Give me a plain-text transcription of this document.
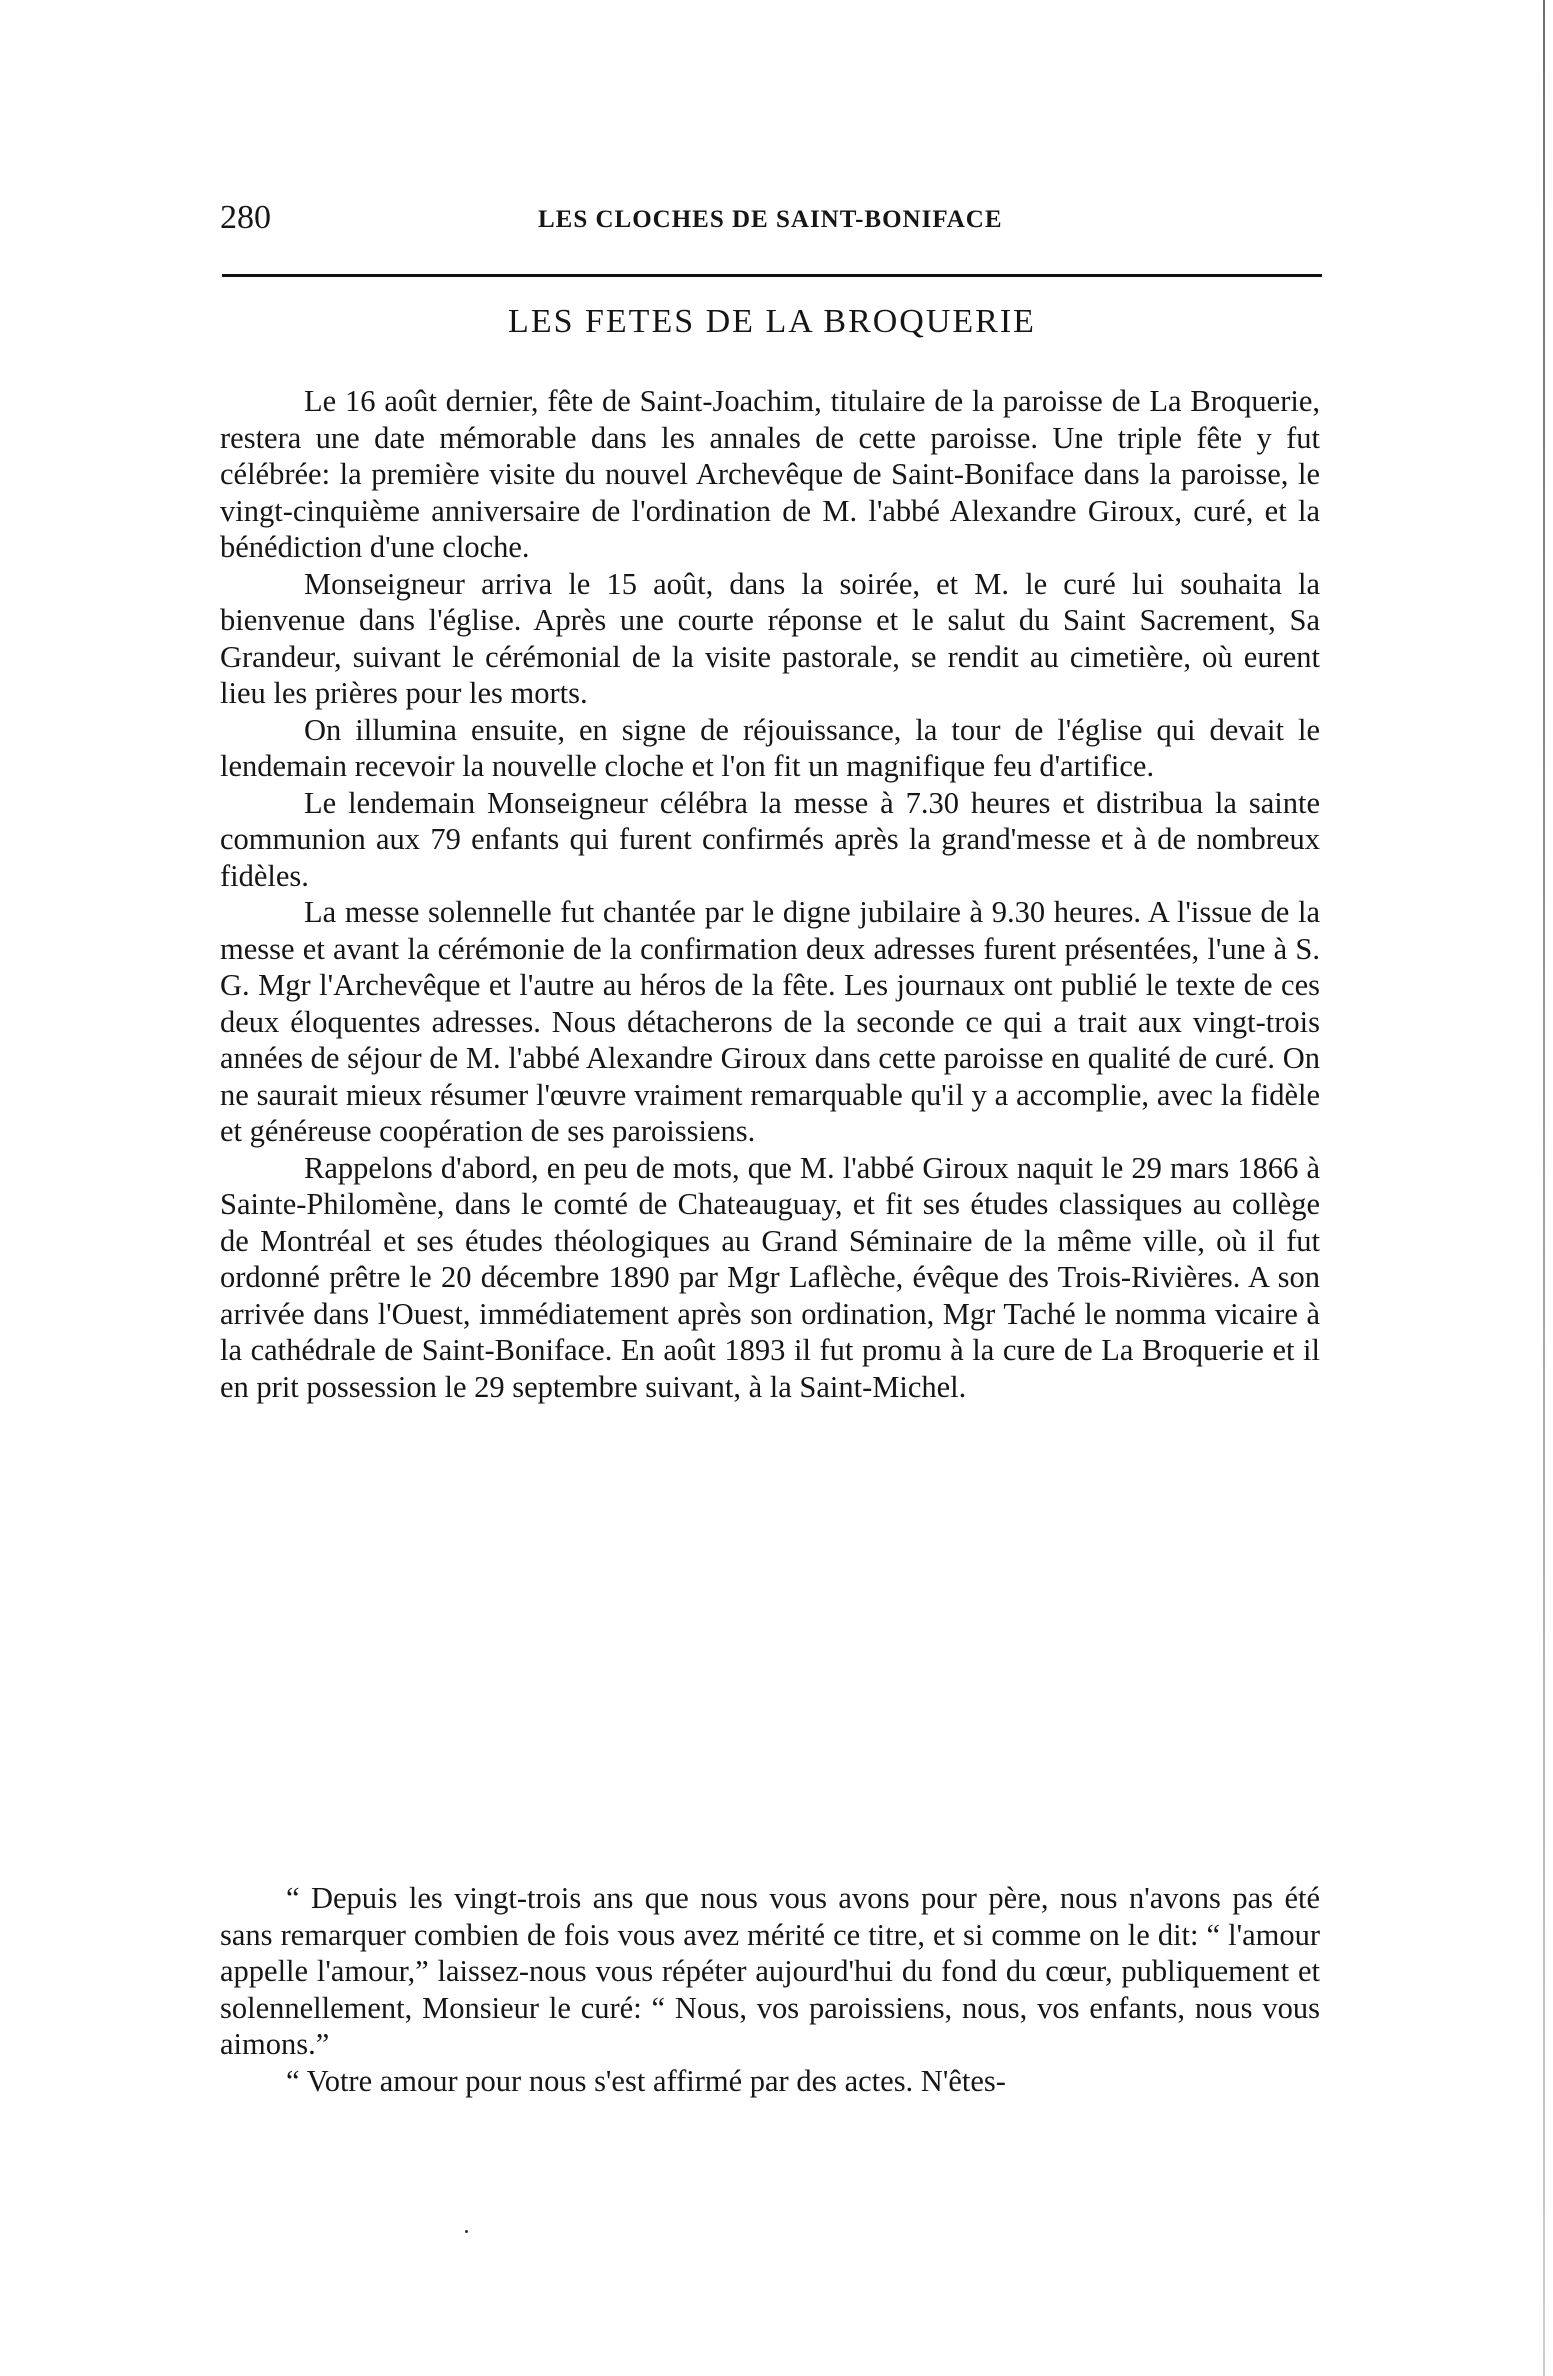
280	LES CLOCHES DE SAINT-BONIFACE
LES FETES DE LA BROQUERIE

Le 16 août dernier, fête de Saint-Joachim, titulaire de la paroisse de La Broquerie, restera une date mémorable dans les annales de cette paroisse. Une triple fête y fut célébrée: la première visite du nouvel Archevêque de Saint-Boniface dans la paroisse, le vingt-cinquième anniversaire de l'ordination de M. l'abbé Alexandre Giroux, curé, et la bénédiction d'une cloche.

Monseigneur arriva le 15 août, dans la soirée, et M. le curé lui souhaita la bienvenue dans l'église. Après une courte réponse et le salut du Saint Sacrement, Sa Grandeur, suivant le cérémonial de la visite pastorale, se rendit au cimetière, où eurent lieu les prières pour les morts.

On illumina ensuite, en signe de réjouissance, la tour de l'église qui devait le lendemain recevoir la nouvelle cloche et l'on fit un magnifique feu d'artifice.

Le lendemain Monseigneur célébra la messe à 7.30 heures et distribua la sainte communion aux 79 enfants qui furent confirmés après la grand'messe et à de nombreux fidèles.

La messe solennelle fut chantée par le digne jubilaire à 9.30 heures. A l'issue de la messe et avant la cérémonie de la confirmation deux adresses furent présentées, l'une à S. G. Mgr l'Archevêque et l'autre au héros de la fête. Les journaux ont publié le texte de ces deux éloquentes adresses. Nous détacherons de la seconde ce qui a trait aux vingt-trois années de séjour de M. l'abbé Alexandre Giroux dans cette paroisse en qualité de curé. On ne saurait mieux résumer l'œuvre vraiment remarquable qu'il y a accomplie, avec la fidèle et généreuse coopération de ses paroissiens.

Rappelons d'abord, en peu de mots, que M. l'abbé Giroux naquit le 29 mars 1866 à Sainte-Philomène, dans le comté de Chateauguay, et fit ses études classiques au collège de Montréal et ses études théologiques au Grand Séminaire de la même ville, où il fut ordonné prêtre le 20 décembre 1890 par Mgr Laflèche, évêque des Trois-Rivières. A son arrivée dans l'Ouest, immédiatement après son ordination, Mgr Taché le nomma vicaire à la cathédrale de Saint-Boniface. En août 1893 il fut promu à la cure de La Broquerie et il en prit possession le 29 septembre suivant, à la Saint-Michel.

“ Depuis les vingt-trois ans que nous vous avons pour père, nous n'avons pas été sans remarquer combien de fois vous avez mérité ce titre, et si comme on le dit: “ l'amour appelle l'amour,” laissez-nous vous répéter aujourd'hui du fond du cœur, publiquement et solennellement, Monsieur le curé: “ Nous, vos paroissiens, nous, vos enfants, nous vous aimons.”

“ Votre amour pour nous s'est affirmé par des actes. N'êtes-
